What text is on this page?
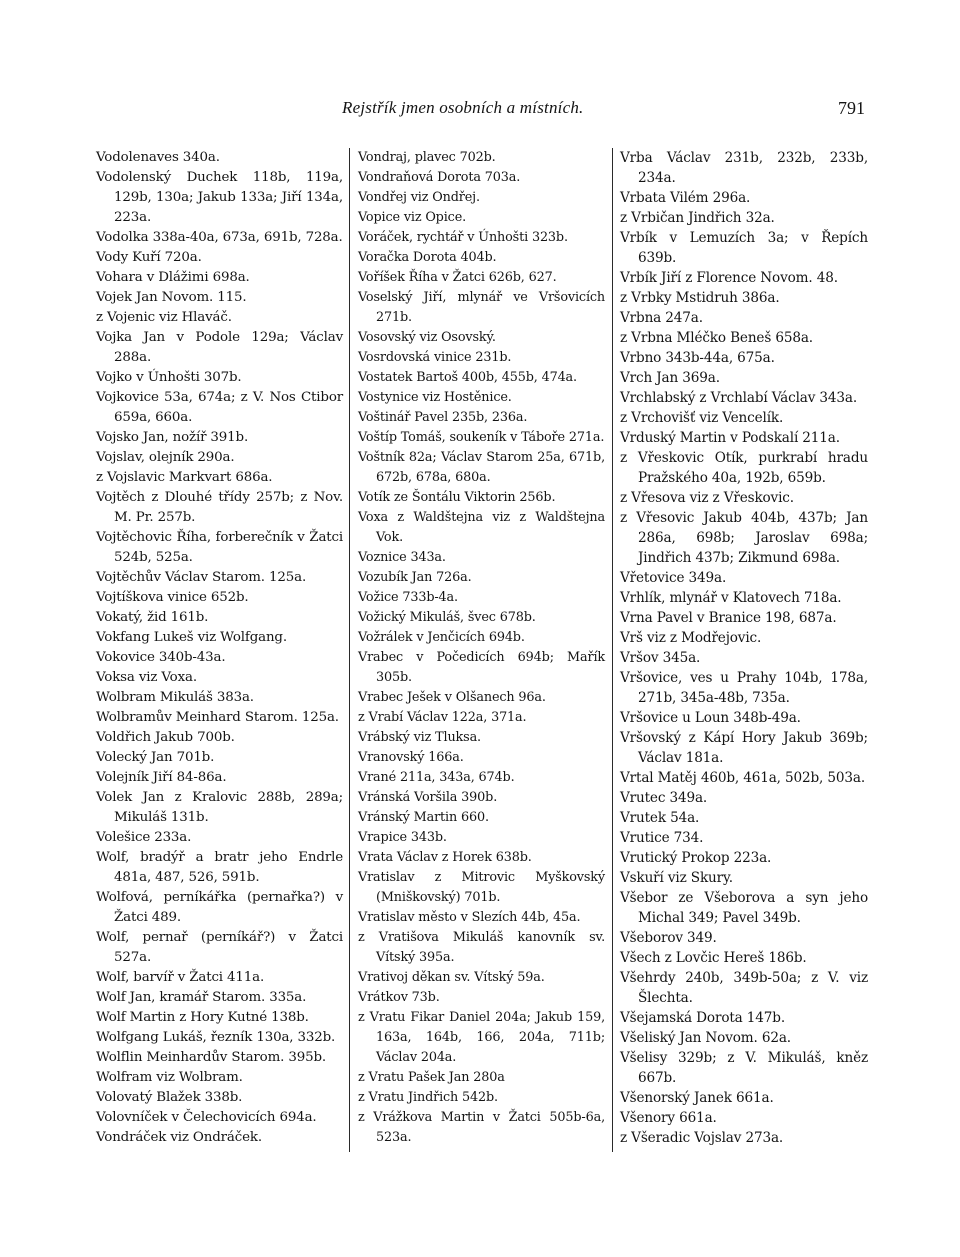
Rejstřík jmen osobních a místních.	791

Vodolenaves 340a.

Vodolenský Duchek 118b, 119a, 129b, 130a; Jakub 133a; Jiří 134a, 223a.

Vodolka 338a-40a, 673a, 691b, 728a.

Vody Kuří 720a.

Vohara v Dlážimi 698a.

Vojek Jan Novom. 115.

z Vojenic viz Hlaváč.

Vojka Jan v Podole 129a; Václav 288a.

Vojko v Únhošti 307b.

Vojkovice 53a, 674a; z V. Nos Ctibor 659a, 660a.

Vojsko Jan, nožíř 391b.

Vojslav, olejník 290a.

z Vojslavic Markvart 686a.

Vojtěch z Dlouhé třídy 257b; z Nov. M. Pr. 257b.

Vojtěchovic Říha, forberečník v Žatci 524b, 525a.

Vojtěchův Václav Starom. 125a.

Vojtíškova vinice 652b.

Vokatý, žid 161b.

Vokfang Lukeš viz Wolfgang.

Vokovice 340b-43a.

Voksa viz Voxa.

Wolbram Mikuláš 383a.

Wolbramův Meinhard Starom. 125a.

Voldřich Jakub 700b.

Volecký Jan 701b.

Volejník Jiří 84-86a.

Volek Jan z Kralovic 288b, 289a; Mikuláš 131b.

Volešice 233a.

Wolf, bradýř a bratr jeho Endrle 481a, 487, 526, 591b.

Wolfová, perníkářka (pernařka?) v Žatci 489.

Wolf, pernař (perníkář?) v Žatci 527a.

Wolf, barvíř v Žatci 411a.

Wolf Jan, kramář Starom. 335a.

Wolf Martin z Hory Kutné 138b.

Wolfgang Lukáš, řezník 130a, 332b.

Wolflin Meinhardův Starom. 395b.

Wolfram viz Wolbram.

Volovatý Blažek 338b.

Volovníček v Čelechovicích 694a.

Vondráček viz Ondráček.

Vondraj, plavec 702b.

Vondraňová Dorota 703a.

Vondřej viz Ondřej.

Vopice viz Opice.

Voráček, rychtář v Únhošti 323b.

Voračka Dorota 404b.

Voříšek Říha v Žatci 626b, 627.

Voselský Jiří, mlynář ve Vršovicích 271b.

Vosovský viz Osovský.

Vosrdovská vinice 231b.

Vostatek Bartoš 400b, 455b, 474a.

Vostynice viz Hostěnice.

Voštinář Pavel 235b, 236a.

Voštíp Tomáš, soukeník v Táboře 271a.

Voštník 82a; Václav Starom 25a, 671b, 672b, 678a, 680a.

Votík ze Šontálu Viktorin 256b.

Voxa z Waldštejna viz z Waldštejna Vok.

Voznice 343a.

Vozubík Jan 726a.

Vožice 733b-4a.

Vožický Mikuláš, švec 678b.

Vožrálek v Jenčicích 694b.

Vrabec v Počedicích 694b; Mařík 305b.

Vrabec Ješek v Olšanech 96a.

z Vrabí Václav 122a, 371a.

Vrábský viz Tluksa.

Vranovský 166a.

Vrané 211a, 343a, 674b.

Vránská Voršila 390b.

Vránský Martin 660.

Vrapice 343b.

Vrata Václav z Horek 638b.

Vratislav z Mitrovic Myškovský (Mniškovský) 701b.

Vratislav město v Slezích 44b, 45a.

z Vratišova Mikuláš kanovník sv. Vítský 395a.

Vrativoj děkan sv. Vítský 59a.

Vrátkov 73b.

z Vratu Fikar Daniel 204a; Jakub 159, 163a, 164b, 166, 204a, 711b; Václav 204a.

z Vratu Pašek Jan 280a

z Vratu Jindřich 542b.

z Vrážkova Martin v Žatci 505b-6a, 523a.

Vrba Václav 231b, 232b, 233b, 234a.

Vrbata Vilém 296a.

z Vrbičan Jindřich 32a.

Vrbík v Lemuzích 3a; v Řepích 639b.

Vrbík Jiří z Florence Novom. 48.

z Vrbky Mstidruh 386a.

Vrbna 247a.

z Vrbna Mléčko Beneš 658a.

Vrbno 343b-44a, 675a.

Vrch Jan 369a.

Vrchlabský z Vrchlabí Václav 343a.

z Vrchovišť viz Vencelík.

Vrduský Martin v Podskalí 211a.

z Vřeskovic Otík, purkrabí hradu Pražského 40a, 192b, 659b.

z Vřesova viz z Vřeskovic.

z Vřesovic Jakub 404b, 437b; Jan 286a, 698b; Jaroslav 698a; Jindřich 437b; Zikmund 698a.

Vřetovice 349a.

Vrhlík, mlynář v Klatovech 718a.

Vrna Pavel v Branice 198, 687a.

Vrš viz z Modřejovic.

Vršov 345a.

Vršovice, ves u Prahy 104b, 178a, 271b, 345a-48b, 735a.

Vršovice u Loun 348b-49a.

Vršovský z Kápí Hory Jakub 369b; Václav 181a.

Vrtal Matěj 460b, 461a, 502b, 503a.

Vrutec 349a.

Vrutek 54a.

Vrutice 734.

Vrutický Prokop 223a.

Vskuří viz Skury.

Všebor ze Všeborova a syn jeho Michal 349; Pavel 349b.

Všeborov 349.

Všech z Lovčic Hereš 186b.

Všehrdy 240b, 349b-50a; z V. viz Šlechta.

Všejamská Dorota 147b.

Všeliský Jan Novom. 62a.

Všelisy 329b; z V. Mikuláš, kněz 667b.

Všenorský Janek 661a.

Všenory 661a.

z Všeradic Vojslav 273a.
